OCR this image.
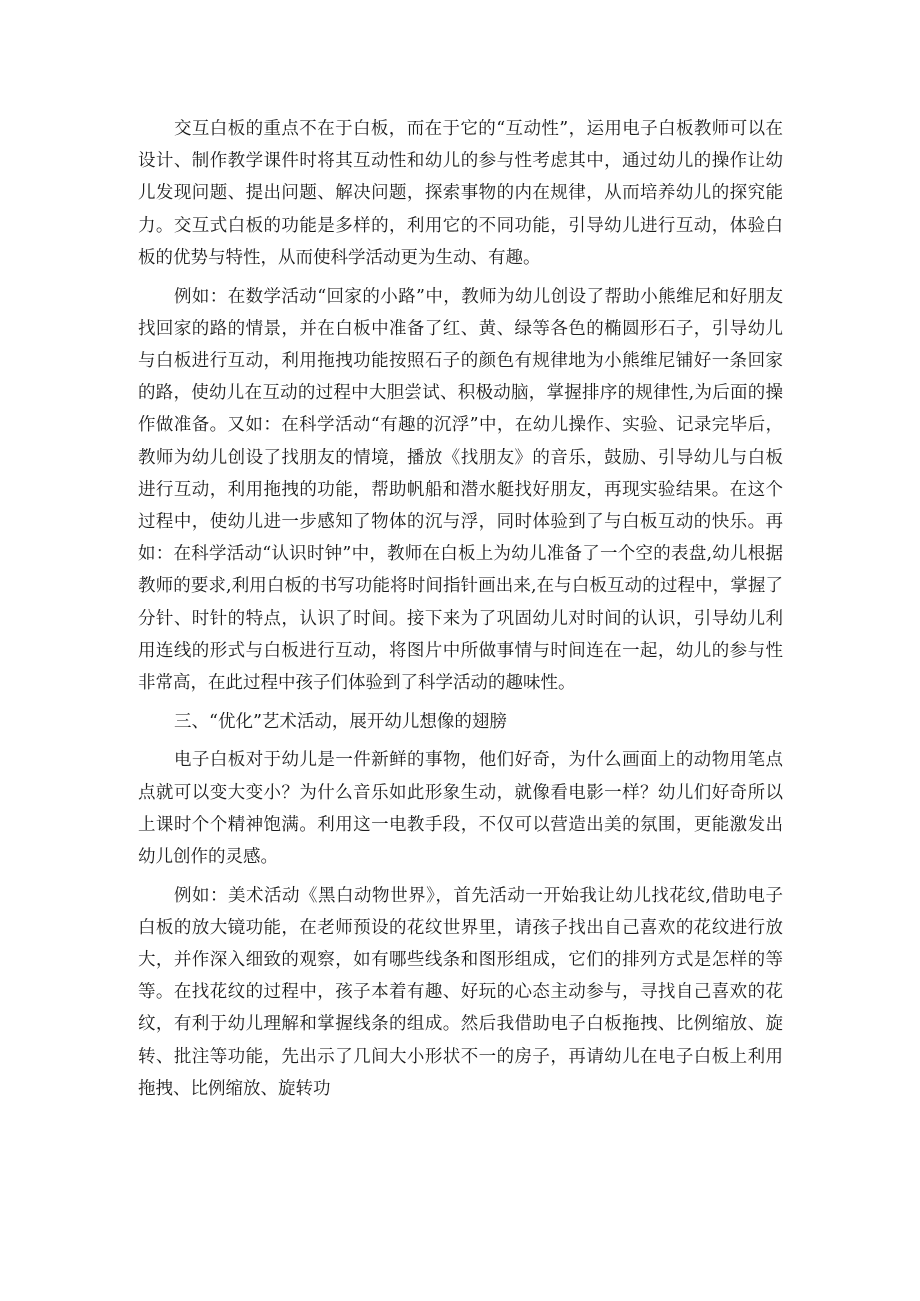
交互白板的重点不在于白板，而在于它的“互动性”，运用电子白板教师可以在设计、制作教学课件时将其互动性和幼儿的参与性考虑其中，通过幼儿的操作让幼儿发现问题、提出问题、解决问题，探索事物的内在规律，从而培养幼儿的探究能力。交互式白板的功能是多样的，利用它的不同功能，引导幼儿进行互动，体验白板的优势与特性，从而使科学活动更为生动、有趣。

例如：在数学活动“回家的小路”中，教师为幼儿创设了帮助小熊维尼和好朋友找回家的路的情景，并在白板中准备了红、黄、绿等各色的椭圆形石子，引导幼儿与白板进行互动，利用拖拽功能按照石子的颜色有规律地为小熊维尼铺好一条回家的路，使幼儿在互动的过程中大胆尝试、积极动脑，掌握排序的规律性,为后面的操作做准备。又如：在科学活动“有趣的沉浮”中，在幼儿操作、实验、记录完毕后，教师为幼儿创设了找朋友的情境，播放《找朋友》的音乐，鼓励、引导幼儿与白板进行互动，利用拖拽的功能，帮助帆船和潜水艇找好朋友，再现实验结果。在这个过程中，使幼儿进一步感知了物体的沉与浮，同时体验到了与白板互动的快乐。再如：在科学活动“认识时钟”中，教师在白板上为幼儿准备了一个空的表盘,幼儿根据教师的要求,利用白板的书写功能将时间指针画出来,在与白板互动的过程中，掌握了分针、时针的特点，认识了时间。接下来为了巩固幼儿对时间的认识，引导幼儿利用连线的形式与白板进行互动，将图片中所做事情与时间连在一起，幼儿的参与性非常高，在此过程中孩子们体验到了科学活动的趣味性。

三、“优化”艺术活动，展开幼儿想像的翅膀

电子白板对于幼儿是一件新鲜的事物，他们好奇，为什么画面上的动物用笔点点就可以变大变小？为什么音乐如此形象生动，就像看电影一样？幼儿们好奇所以上课时个个精神饱满。利用这一电教手段，不仅可以营造出美的氛围，更能激发出幼儿创作的灵感。

例如：美术活动《黑白动物世界》，首先活动一开始我让幼儿找花纹,借助电子白板的放大镜功能，在老师预设的花纹世界里，请孩子找出自己喜欢的花纹进行放大，并作深入细致的观察，如有哪些线条和图形组成，它们的排列方式是怎样的等等。在找花纹的过程中，孩子本着有趣、好玩的心态主动参与，寻找自己喜欢的花纹，有利于幼儿理解和掌握线条的组成。然后我借助电子白板拖拽、比例缩放、旋转、批注等功能，先出示了几间大小形状不一的房子，再请幼儿在电子白板上利用拖拽、比例缩放、旋转功
